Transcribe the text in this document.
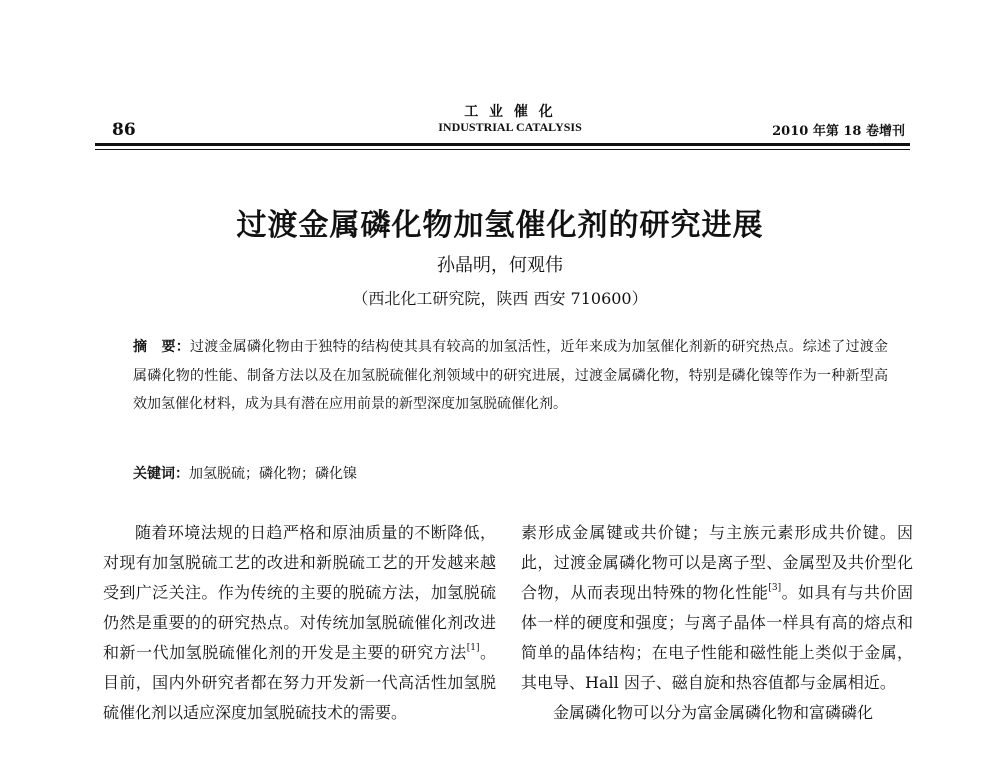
工 业 催 化
86	INDUSTRIAL CATALYSIS	2010 年第 18 卷增刊
过渡金属磷化物加氢催化剂的研究进展
孙晶明，何观伟
（西北化工研究院，陕西 西安 710600）
摘　要：过渡金属磷化物由于独特的结构使其具有较高的加氢活性，近年来成为加氢催化剂新的研究热点。综述了过渡金属磷化物的性能、制备方法以及在加氢脱硫催化剂领域中的研究进展，过渡金属磷化物，特别是磷化镍等作为一种新型高效加氢催化材料，成为具有潜在应用前景的新型深度加氢脱硫催化剂。
关键词：加氢脱硫；磷化物；磷化镍

随着环境法规的日趋严格和原油质量的不断降低，对现有加氢脱硫工艺的改进和新脱硫工艺的开发越来越受到广泛关注。作为传统的主要的脱硫方法，加氢脱硫仍然是重要的的研究热点。对传统加氢脱硫催化剂改进和新一代加氢脱硫催化剂的开发是主要的研究方法[1]。目前，国内外研究者都在努力开发新一代高活性加氢脱硫催化剂以适应深度加氢脱硫技术的需要。

素形成金属键或共价键；与主族元素形成共价键。因此，过渡金属磷化物可以是离子型、金属型及共价型化合物，从而表现出特殊的物化性能[3]。如具有与共价固体一样的硬度和强度；与离子晶体一样具有高的熔点和简单的晶体结构；在电子性能和磁性能上类似于金属，其电导、Hall 因子、磁自旋和热容值都与金属相近。

金属磷化物可以分为富金属磷化物和富磷磷化
